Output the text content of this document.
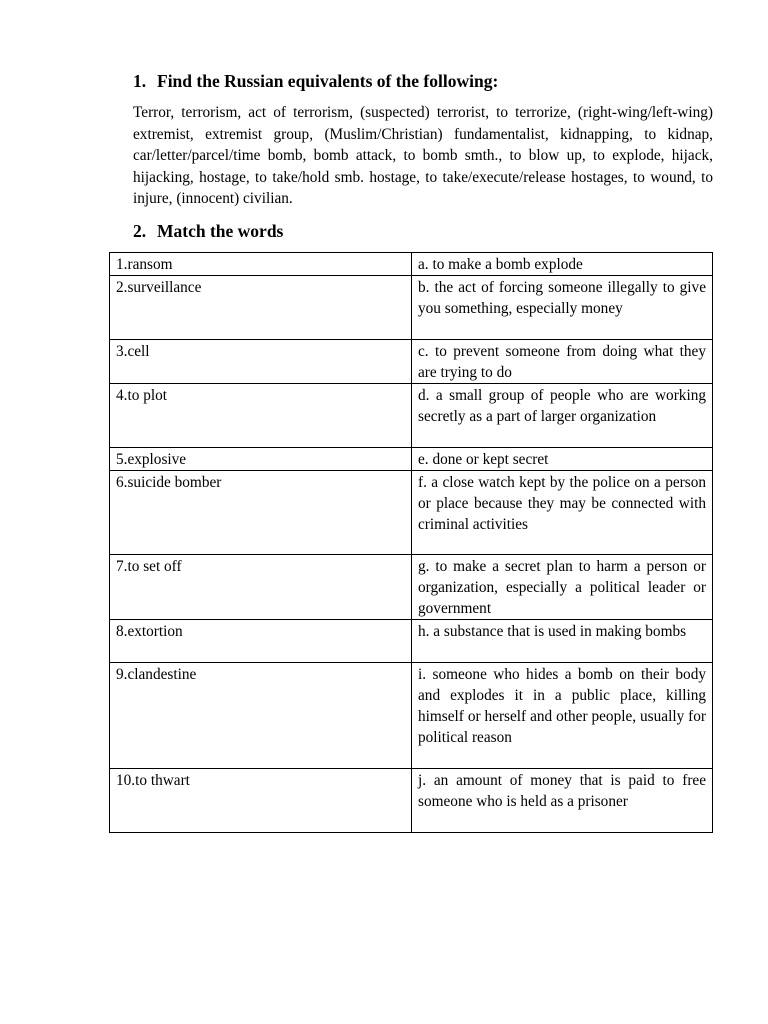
1. Find the Russian equivalents of the following:
Terror, terrorism, act of terrorism, (suspected) terrorist, to terrorize, (right-wing/left-wing) extremist, extremist group, (Muslim/Christian) fundamentalist, kidnapping, to kidnap, car/letter/parcel/time bomb, bomb attack, to bomb smth., to blow up, to explode, hijack, hijacking, hostage, to take/hold smb. hostage, to take/execute/release hostages, to wound, to injure, (innocent) civilian.
2. Match the words
1.ransom	a. to make a bomb explode
2.surveillance	b. the act of forcing someone illegally to give you something, especially money
3.cell	c. to prevent someone from doing what they are trying to do
4.to plot	d. a small group of people who are working secretly as a part of larger organization
5.explosive	e. done or kept secret
6.suicide bomber	f. a close watch kept by the police on a person or place because they may be connected with criminal activities
7.to set off	g. to make a secret plan to harm a person or organization, especially a political leader or government
8.extortion	h. a substance that is used in making bombs
9.clandestine	i. someone who hides a bomb on their body and explodes it in a public place, killing himself or herself and other people, usually for political reason
10.to thwart	j. an amount of money that is paid to free someone who is held as a prisoner
